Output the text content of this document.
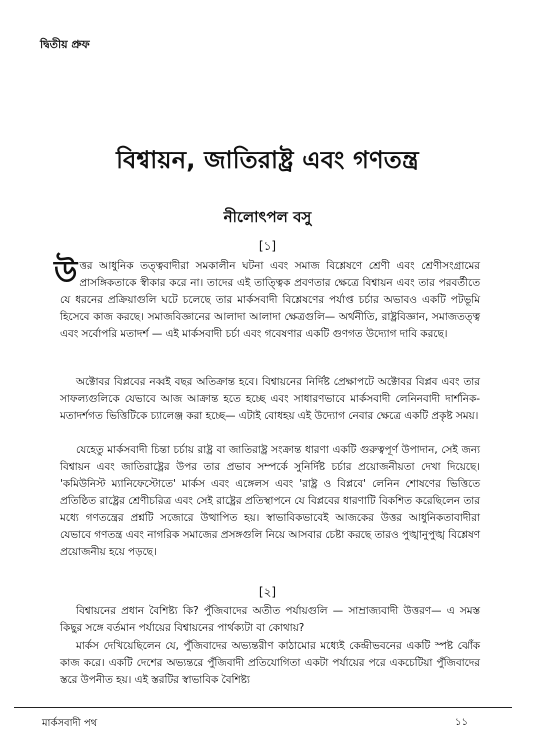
দ্বিতীয় প্রুফ
বিশ্বায়ন, জাতিরাষ্ট্র এবং গণতন্ত্র
নীলোৎপল বসু
[১]
উত্তর আধুনিক তত্ত্ববাদীরা সমকালীন ঘটনা এবং সমাজ বিশ্লেষণে শ্রেণী এবং শ্রেণীসংগ্রামের প্রাসঙ্গিকতাকে স্বীকার করে না। তাদের এই তাত্ত্বিক প্রবণতার ক্ষেত্রে বিশ্বায়ন এবং তার পরবর্তীতে যে ধরনের প্রক্রিয়াগুলি ঘটে চলেছে তার মার্কসবাদী বিশ্লেষণের পর্যাপ্ত চর্চার অভাবও একটি পটভূমি হিসেবে কাজ করছে। সমাজবিজ্ঞানের আলাদা আলাদা ক্ষেত্রগুলি— অর্থনীতি, রাষ্ট্রবিজ্ঞান, সমাজতত্ত্ব এবং সর্বোপরি মতাদর্শ — এই মার্কসবাদী চর্চা এবং গবেষণার একটি গুণগত উদ্যোগ দাবি করছে।
অক্টোবর বিপ্লবের নব্বই বছর অতিক্রান্ত হবে। বিশ্বায়নের নির্দিষ্ট প্রেক্ষাপটে অক্টোবর বিপ্লব এবং তার সাফল্যগুলিকে যেভাবে আজ আক্রান্ত হতে হচ্ছে এবং সাধারণভাবে মার্কসবাদী লেনিনবাদী দার্শনিক-মতাদর্শগত ভিত্তিটিকে চ্যালেঞ্জ করা হচ্ছে— এটাই বোধহয় এই উদ্যোগ নেবার ক্ষেত্রে একটি প্রকৃষ্ট সময়।
যেহেতু মার্কসবাদী চিন্তা চর্চায় রাষ্ট্র বা জাতিরাষ্ট্র সংক্রান্ত ধারণা একটি গুরুত্বপূর্ণ উপাদান, সেই জন্য বিশ্বায়ন এবং জাতিরাষ্ট্রের উপর তার প্রভাব সম্পর্কে সুনির্দিষ্ট চর্চার প্রয়োজনীয়তা দেখা দিয়েছে। 'কমিউনিস্ট ম্যানিফেস্টোতে' মার্কস এবং এঙ্গেলস এবং 'রাষ্ট্র ও বিপ্লবে' লেনিন শোষণের ভিত্তিতে প্রতিষ্ঠিত রাষ্ট্রের শ্রেণীচরিত্র এবং সেই রাষ্ট্রের প্রতিস্থাপনে যে বিপ্লবের ধারণাটি বিকশিত করেছিলেন তার মধ্যে গণতন্ত্রের প্রশ্নটি সজোরে উত্থাপিত হয়। স্বাভাবিকভাবেই আজকের উত্তর আধুনিকতাবাদীরা যেভাবে গণতন্ত্র এবং নাগরিক সমাজের প্রসঙ্গগুলি নিয়ে আসবার চেষ্টা করছে তারও পুঙ্খানুপুঙ্খ বিশ্লেষণ প্রয়োজনীয় হয়ে পড়ছে।
[২]
বিশ্বায়নের প্রধান বৈশিষ্ট্য কি? পুঁজিবাদের অতীত পর্যায়গুলি — সাম্রাজ্যবাদী উত্তরণ— এ সমস্ত কিছুর সঙ্গে বর্তমান পর্যায়ের বিশ্বায়নের পার্থক্যটা বা কোথায়?
মার্কস দেখিয়েছিলেন যে, পুঁজিবাদের অভ্যন্তরীণ কাঠামোর মধ্যেই কেন্দ্রীভবনের একটি স্পষ্ট ঝোঁক কাজ করে। একটি দেশের অভ্যন্তরে পুঁজিবাদী প্রতিযোগিতা একটা পর্যায়ের পরে একচেটিয়া পুঁজিবাদের স্তরে উপনীত হয়। এই স্তরটির স্বাভাবিক বৈশিষ্ট্য
মার্কসবাদী পথ	১১
